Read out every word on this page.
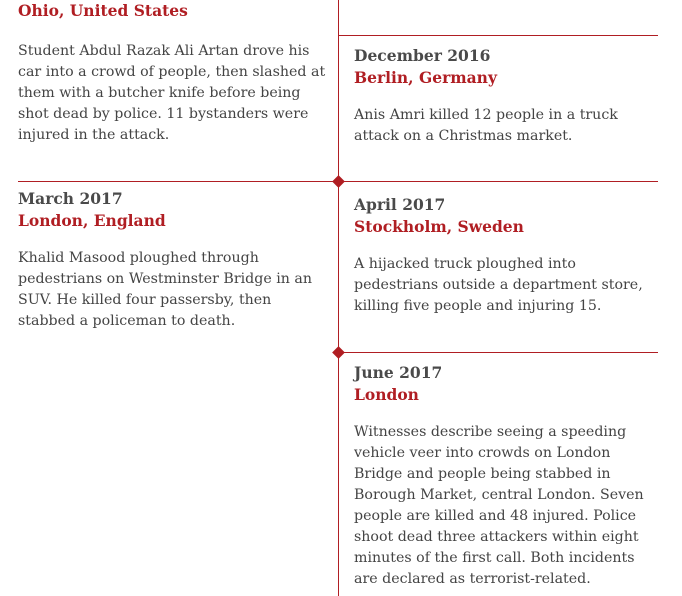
Ohio, United States
Student Abdul Razak Ali Artan drove his car into a crowd of people, then slashed at them with a butcher knife before being shot dead by police. 11 bystanders were injured in the attack.
December 2016
Berlin, Germany
Anis Amri killed 12 people in a truck attack on a Christmas market.
March 2017
London, England
Khalid Masood ploughed through pedestrians on Westminster Bridge in an SUV. He killed four passersby, then stabbed a policeman to death.
April 2017
Stockholm, Sweden
A hijacked truck ploughed into pedestrians outside a department store, killing five people and injuring 15.
June 2017
London
Witnesses describe seeing a speeding vehicle veer into crowds on London Bridge and people being stabbed in Borough Market, central London. Seven people are killed and 48 injured. Police shoot dead three attackers within eight minutes of the first call. Both incidents are declared as terrorist-related.
